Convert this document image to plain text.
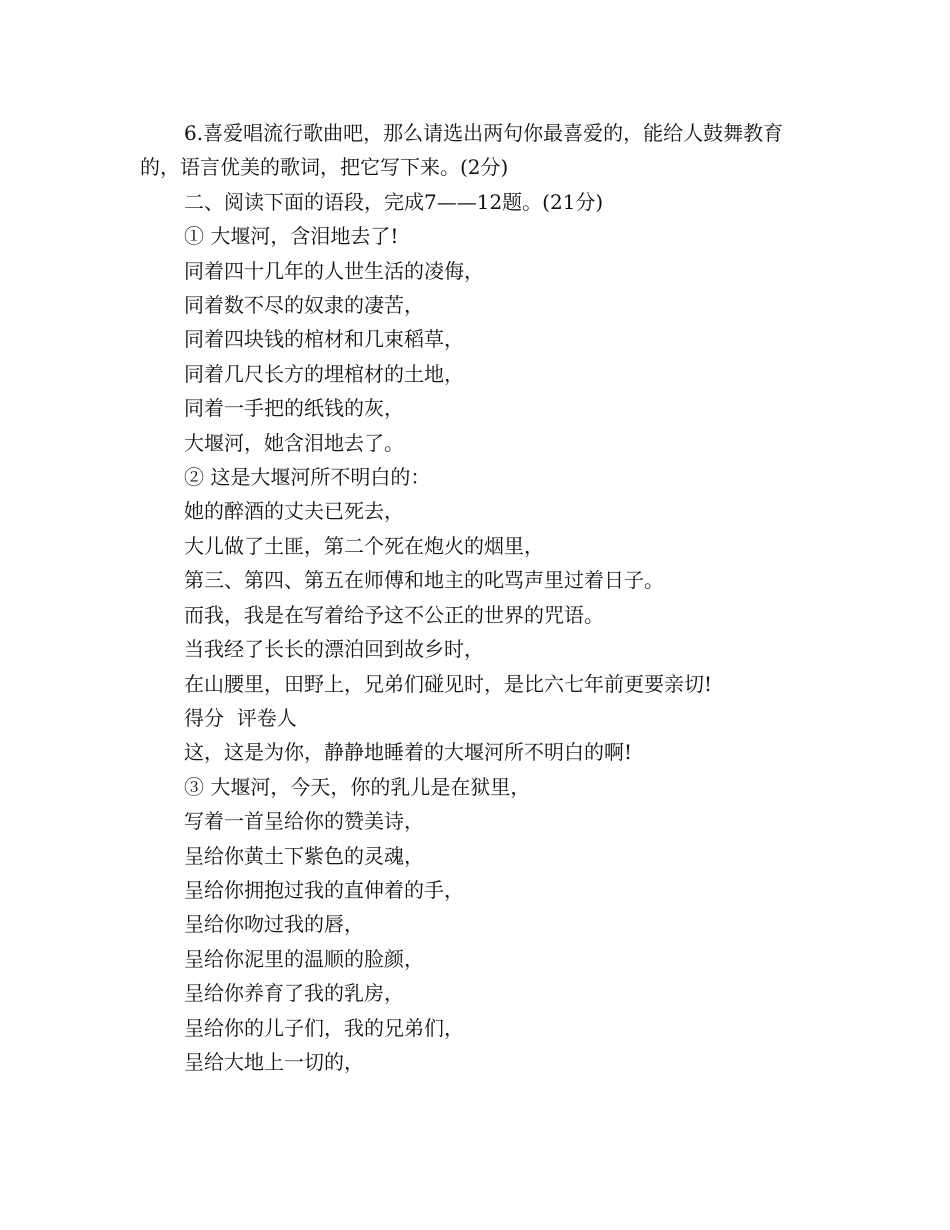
6.喜爱唱流行歌曲吧，那么请选出两句你最喜爱的，能给人鼓舞教育的，语言优美的歌词，把它写下来。(2分)

二、阅读下面的语段，完成7——12题。(21分)

① 大堰河，含泪地去了!

同着四十几年的人世生活的凌侮，

同着数不尽的奴隶的凄苦，

同着四块钱的棺材和几束稻草，

同着几尺长方的埋棺材的土地，

同着一手把的纸钱的灰，

大堰河，她含泪地去了。

② 这是大堰河所不明白的：

她的醉酒的丈夫已死去，

大儿做了土匪，第二个死在炮火的烟里，

第三、第四、第五在师傅和地主的叱骂声里过着日子。

而我，我是在写着给予这不公正的世界的咒语。

当我经了长长的漂泊回到故乡时，

在山腰里，田野上，兄弟们碰见时，是比六七年前更要亲切!

得分  评卷人

这，这是为你，静静地睡着的大堰河所不明白的啊!

③ 大堰河，今天，你的乳儿是在狱里，

写着一首呈给你的赞美诗，

呈给你黄土下紫色的灵魂，

呈给你拥抱过我的直伸着的手，

呈给你吻过我的唇，

呈给你泥里的温顺的脸颜，

呈给你养育了我的乳房，

呈给你的儿子们，我的兄弟们，

呈给大地上一切的，
